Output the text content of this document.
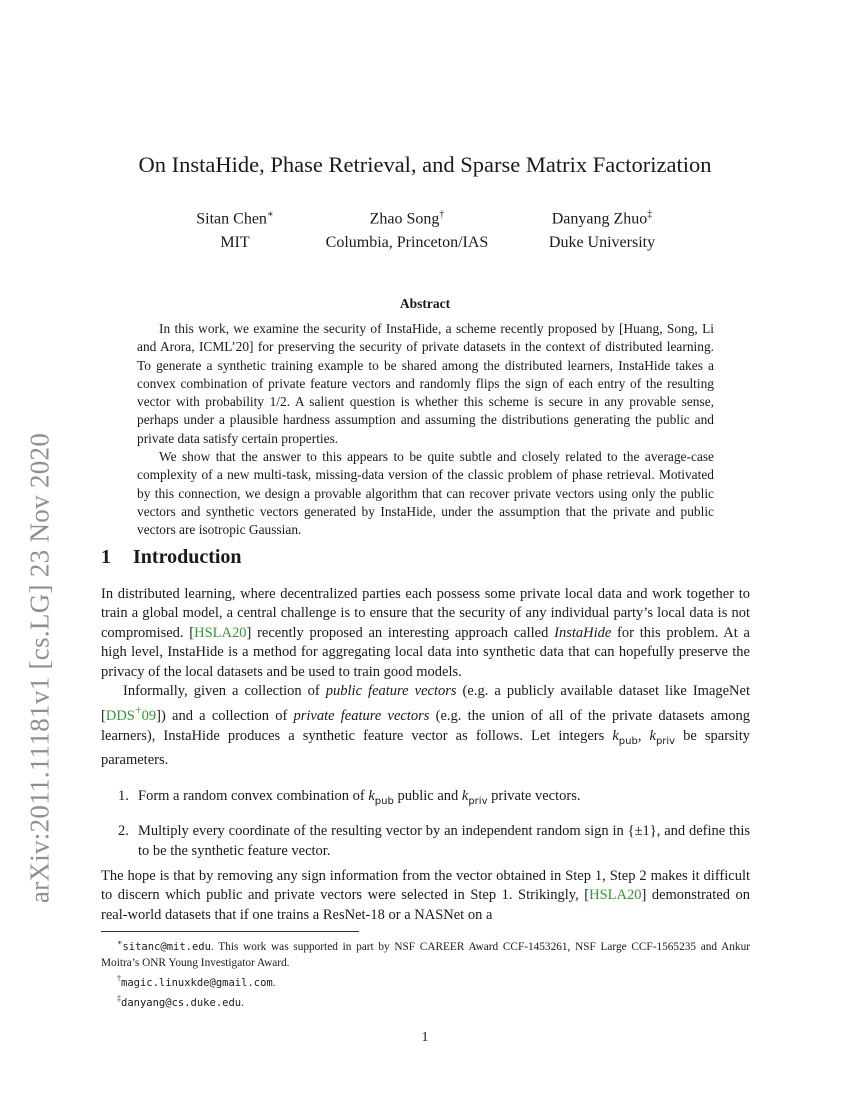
arXiv:2011.11181v1 [cs.LG] 23 Nov 2020
On InstaHide, Phase Retrieval, and Sparse Matrix Factorization
Sitan Chen∗
MIT
Zhao Song†
Columbia, Princeton/IAS
Danyang Zhuo‡
Duke University
Abstract

In this work, we examine the security of InstaHide, a scheme recently proposed by [Huang, Song, Li and Arora, ICML’20] for preserving the security of private datasets in the context of distributed learning. To generate a synthetic training example to be shared among the distributed learners, InstaHide takes a convex combination of private feature vectors and randomly flips the sign of each entry of the resulting vector with probability 1/2. A salient question is whether this scheme is secure in any provable sense, perhaps under a plausible hardness assumption and assuming the distributions generating the public and private data satisfy certain properties.

We show that the answer to this appears to be quite subtle and closely related to the average-case complexity of a new multi-task, missing-data version of the classic problem of phase retrieval. Motivated by this connection, we design a provable algorithm that can recover private vectors using only the public vectors and synthetic vectors generated by InstaHide, under the assumption that the private and public vectors are isotropic Gaussian.

1 Introduction

In distributed learning, where decentralized parties each possess some private local data and work together to train a global model, a central challenge is to ensure that the security of any individual party’s local data is not compromised. [HSLA20] recently proposed an interesting approach called InstaHide for this problem. At a high level, InstaHide is a method for aggregating local data into synthetic data that can hopefully preserve the privacy of the local datasets and be used to train good models.

Informally, given a collection of public feature vectors (e.g. a publicly available dataset like ImageNet [DDS+09]) and a collection of private feature vectors (e.g. the union of all of the private datasets among learners), InstaHide produces a synthetic feature vector as follows. Let integers $k_{pub}$, $k_{priv}$ be sparsity parameters.

1. Form a random convex combination of $k_{pub}$ public and $k_{priv}$ private vectors.
2. Multiply every coordinate of the resulting vector by an independent random sign in {±1}, and define this to be the synthetic feature vector.

The hope is that by removing any sign information from the vector obtained in Step 1, Step 2 makes it difficult to discern which public and private vectors were selected in Step 1. Strikingly, [HSLA20] demonstrated on real-world datasets that if one trains a ResNet-18 or a NASNet on a

∗sitanc@mit.edu. This work was supported in part by NSF CAREER Award CCF-1453261, NSF Large CCF-1565235 and Ankur Moitra’s ONR Young Investigator Award.
†magic.linuxkde@gmail.com.
‡danyang@cs.duke.edu.
1
